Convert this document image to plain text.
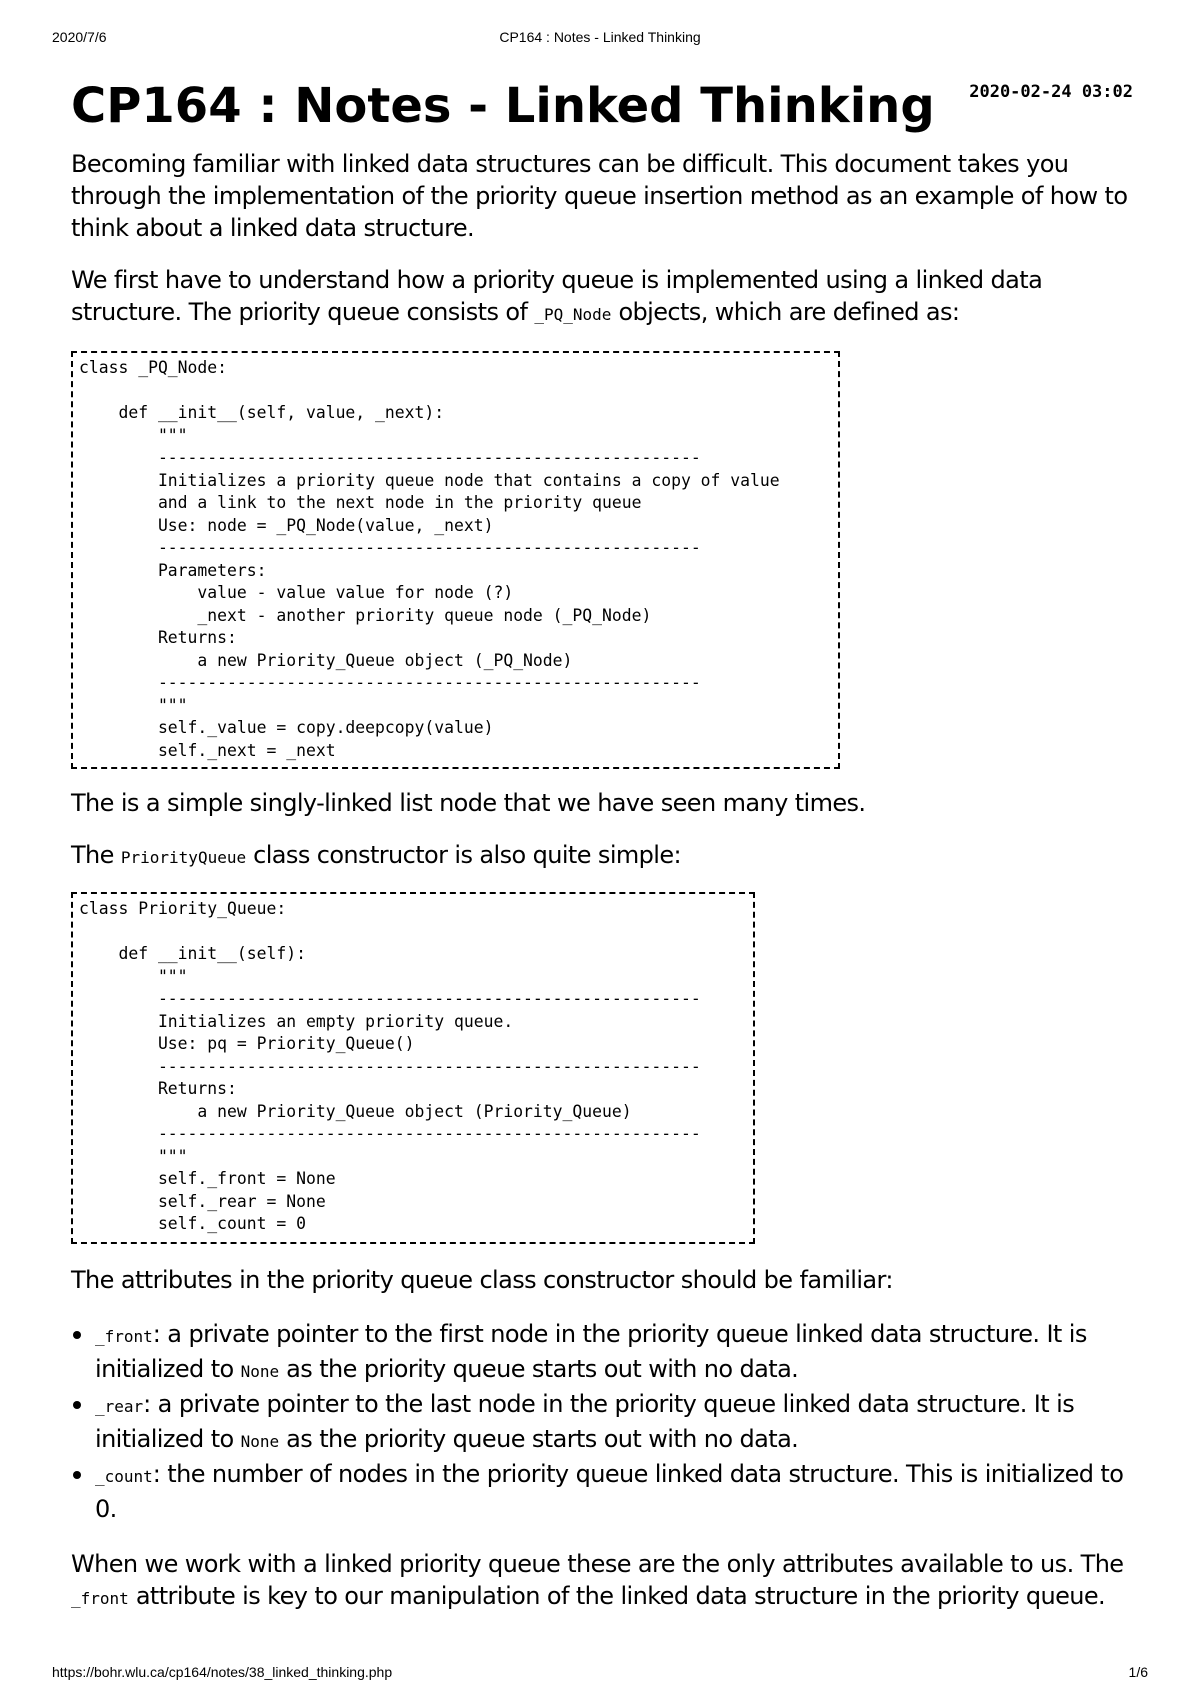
2020/7/6	CP164 : Notes - Linked Thinking
CP164 : Notes - Linked Thinking	2020-02-24 03:02

Becoming familiar with linked data structures can be difficult. This document takes you through the implementation of the priority queue insertion method as an example of how to think about a linked data structure.

We first have to understand how a priority queue is implemented using a linked data structure. The priority queue consists of _PQ_Node objects, which are defined as:

class _PQ_Node:

def __init__(self, value, _next):
"""
-------------------------------------------------------
Initializes a priority queue node that contains a copy of value
and a link to the next node in the priority queue
Use: node = _PQ_Node(value, _next)
-------------------------------------------------------
Parameters:
value - value value for node (?)
_next - another priority queue node (_PQ_Node)
Returns:
a new Priority_Queue object (_PQ_Node)
-------------------------------------------------------
"""
self._value = copy.deepcopy(value)
self._next = _next

The is a simple singly-linked list node that we have seen many times.

The PriorityQueue class constructor is also quite simple:

class Priority_Queue:

def __init__(self):
"""
-------------------------------------------------------
Initializes an empty priority queue.
Use: pq = Priority_Queue()
-------------------------------------------------------
Returns:
a new Priority_Queue object (Priority_Queue)
-------------------------------------------------------
"""
self._front = None
self._rear = None
self._count = 0

The attributes in the priority queue class constructor should be familiar:

_front: a private pointer to the first node in the priority queue linked data structure. It is initialized to None as the priority queue starts out with no data.
_rear: a private pointer to the last node in the priority queue linked data structure. It is initialized to None as the priority queue starts out with no data.
_count: the number of nodes in the priority queue linked data structure. This is initialized to 0.

When we work with a linked priority queue these are the only attributes available to us. The _front attribute is key to our manipulation of the linked data structure in the priority queue.

https://bohr.wlu.ca/cp164/notes/38_linked_thinking.php	1/6
